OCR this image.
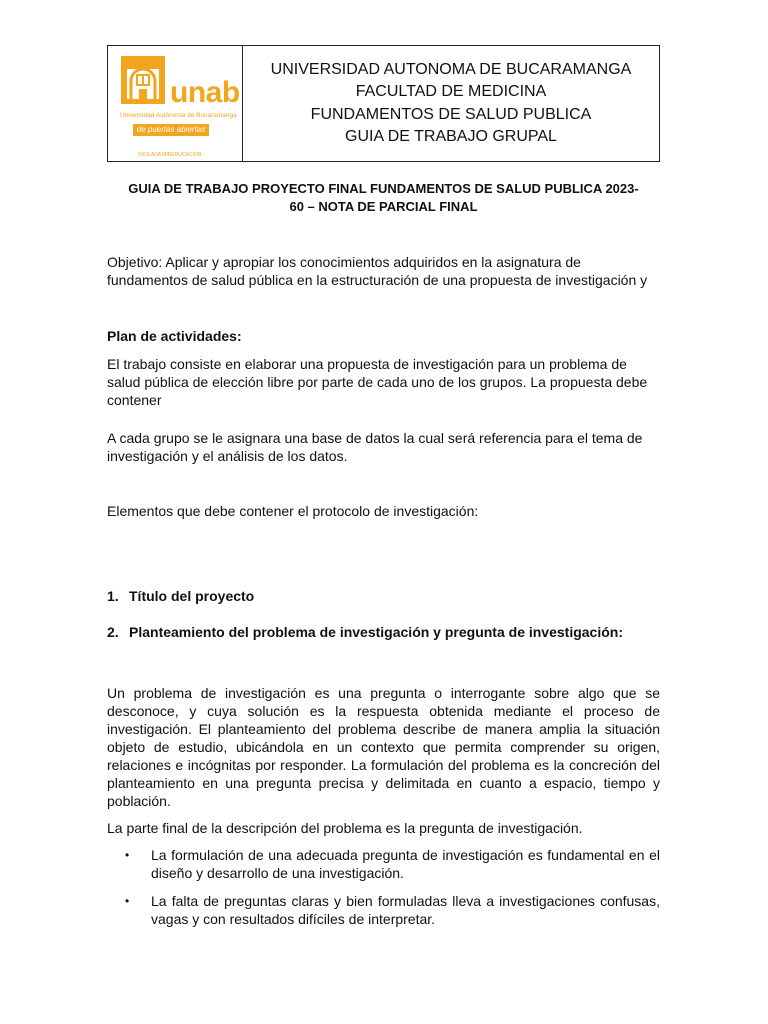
unab
Universidad Autónoma de Bucaramanga
de puertas abiertas
VIGILADA MINEDUCACIÓN
UNIVERSIDAD AUTONOMA DE BUCARAMANGA
FACULTAD DE MEDICINA
FUNDAMENTOS DE SALUD PUBLICA
GUIA DE TRABAJO GRUPAL
GUIA DE TRABAJO PROYECTO FINAL FUNDAMENTOS DE SALUD PUBLICA 2023-
60 – NOTA DE PARCIAL FINAL

Objetivo: Aplicar y apropiar los conocimientos adquiridos en la asignatura de fundamentos de salud pública en la estructuración de una propuesta de investigación y

Plan de actividades:

El trabajo consiste en elaborar una propuesta de investigación para un problema de salud pública de elección libre por parte de cada uno de los grupos. La propuesta debe contener

A cada grupo se le asignara una base de datos la cual será referencia para el tema de investigación y el análisis de los datos.

Elementos que debe contener el protocolo de investigación:

1. Título del proyecto
2. Planteamiento del problema de investigación y pregunta de investigación:

Un problema de investigación es una pregunta o interrogante sobre algo que se desconoce, y cuya solución es la respuesta obtenida mediante el proceso de investigación. El planteamiento del problema describe de manera amplia la situación objeto de estudio, ubicándola en un contexto que permita comprender su origen, relaciones e incógnitas por responder. La formulación del problema es la concreción del planteamiento en una pregunta precisa y delimitada en cuanto a espacio, tiempo y población.

La parte final de la descripción del problema es la pregunta de investigación.

• La formulación de una adecuada pregunta de investigación es fundamental en el diseño y desarrollo de una investigación.
• La falta de preguntas claras y bien formuladas lleva a investigaciones confusas, vagas y con resultados difíciles de interpretar.
